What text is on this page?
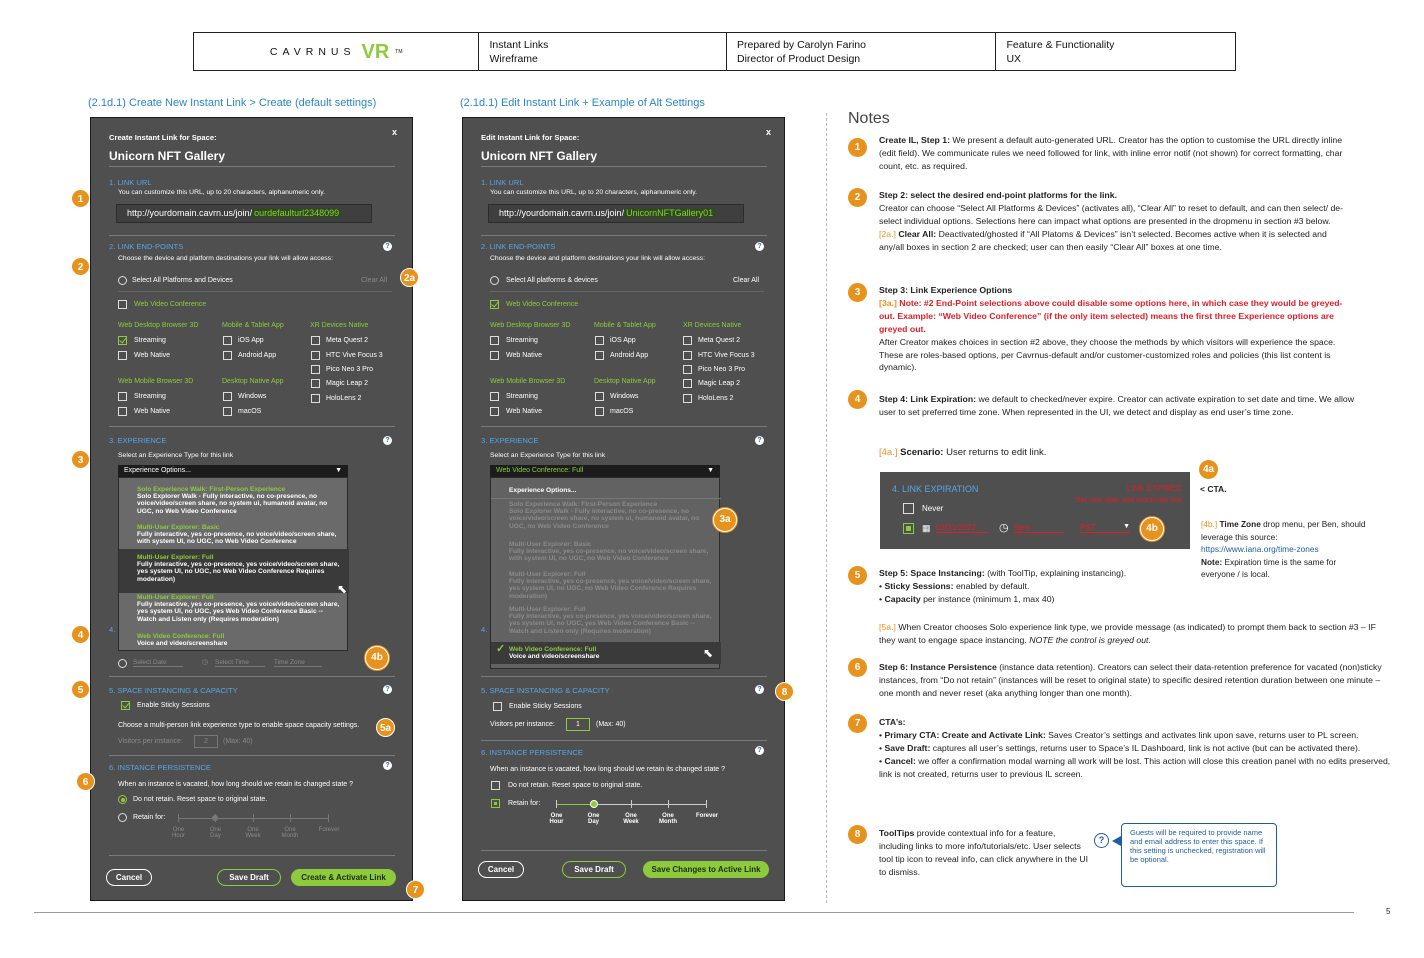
CAVRNUS VR TM
Instant Links
Wireframe
Prepared by Carolyn Farino
Director of Product Design
Feature & Functionality
UX
(2.1d.1) Create New Instant Link > Create (default settings)	(2.1d.1) Edit Instant Link + Example of Alt Settings
x
Create Instant Link for Space:
Unicorn NFT Gallery
1. LINK URL
You can customize this URL, up to 20 characters, alphanumeric only.
http://yourdomain.cavrn.us/join/ ourdefaulturl2348099
2. LINK END-POINTS	?
Choose the device and platform destinations your link will allow access:
Select All Platforms and Devices	Clear All
Web Video Conference
Web Desktop Browser 3D
Streaming
Web Native
Mobile & Tablet App
iOS App
Android App
XR Devices Native
Meta Quest 2
HTC Vive Focus 3
Pico Neo 3 Pro
Magic Leap 2
HoloLens 2
Web Mobile Browser 3D
Streaming
Web Native
Desktop Native App
Windows
macOS
3. EXPERIENCE	?
Select an Experience Type for this link
Experience Options...	▼
Solo Experience Walk: First-Person Experience
Solo Explorer Walk - Fully interactive, no co-presence, no voice/video/screen share, no system ui, humanoid avatar, no UGC, no Web Video Conference
Multi-User Explorer: Basic
Fully interactive, yes co-presence, no voice/video/screen share, with system UI, no UGC, no Web Video Conference
Multi-User Explorer: Full
Fully interactive, yes co-presence, yes voice/video/screen share, yes system UI, no UGC, no Web Video Conference Requires moderation)
Multi-User Explorer: Full
Fully interactive, yes co-presence, yes voice/video/screen share, yes system UI, no UGC, yes Web Video Conference Basic -- Watch and Listen only (Requires moderation)
Web Video Conference: Full
Voice and video/screenshare
⬉
4.
Select Date	◷ Select Time	Time Zone
5. SPACE INSTANCING & CAPACITY	?
Enable Sticky Sessions
Choose a multi-person link experience type to enable space capacity settings.
Visitors per instance:	2	(Max: 40)
6. INSTANCE PERSISTENCE	?
When an instance is vacated, how long should we retain its changed state ?
Do not retain. Reset space to original state.
Retain for:
One
Hour
One
Day
One
Week
One
Month
Forever
Cancel	Save Draft	Create & Activate Link
1
2
2a
3
4
4b
5
5a
6
7
x
Edit Instant Link for Space:
Unicorn NFT Gallery
1. LINK URL
You can customize this URL, up to 20 characters, alphanumeric only.
http://yourdomain.cavrn.us/join/ UnicornNFTGallery01
2. LINK END-POINTS	?
Choose the device and platform destinations your link will allow access:
Select All platforms & devices	Clear All
Web Video Conference
Web Desktop Browser 3D
Streaming
Web Native
Mobile & Tablet App
iOS App
Android App
XR Devices Native
Meta Quest 2
HTC Vive Focus 3
Pico Neo 3 Pro
Magic Leap 2
HoloLens 2
Web Mobile Browser 3D
Streaming
Web Native
Desktop Native App
Windows
macOS
3. EXPERIENCE	?
Select an Experience Type for this link
Web Video Conference: Full	▼
Experience Options...
Solo Experience Walk: First-Person Experience
Solo Explorer Walk - Fully interactive, no co-presence, no voice/video/screen share, no system ui, humanoid avatar, no UGC, no Web Video Conference
Multi-User Explorer: Basic
Fully interactive, yes co-presence, no voice/video/screen share, with system UI, no UGC, no Web Video Conference
Multi-User Explorer: Full
Fully interactive, yes co-presence, yes voice/video/screen share, yes system UI, no UGC, no Web Video Conference Requires moderation)
Multi-User Explorer: Full
Fully interactive, yes co-presence, yes voice/video/screen share, yes system UI, no UGC, yes Web Video Conference Basic -- Watch and Listen only (Requires moderation)
✓ Web Video Conference: Full
Voice and video/screenshare	⬉
4.
5. SPACE INSTANCING & CAPACITY	?
Enable Sticky Sessions
Visitors per instance:	1	(Max: 40)
6. INSTANCE PERSISTENCE	?
When an instance is vacated, how long should we retain its changed state ?
Do not retain. Reset space to original state.
Retain for:
One
Hour
One
Day
One
Week
One
Month
Forever
Cancel	Save Draft	Save Changes to Active Link
3a
8
Notes
1
Create IL, Step 1: We present a default auto-generated URL. Creator has the option to customise the URL directly inline (edit field). We communicate rules we need followed for link, with inline error notif (not shown) for correct formatting, char count, etc. as required.
2	Step 2: select the desired end-point platforms for the link.
Creator can choose “Select All Platforms & Devices” (activates all), “Clear All” to reset to default, and can then select/ de-select individual options. Selections here can impact what options are presented in the dropmenu in section #3 below.
[2a.] Clear All: Deactivated/ghosted if “All Platoms & Devices” isn’t selected. Becomes active when it is selected and any/all boxes in section 2 are checked; user can then easily “Clear All” boxes at one time.
3	Step 3: Link Experience Options
[3a.] Note: #2 End-Point selections above could disable some options here, in which case they would be greyed-out. Example: “Web Video Conference” (if the only item selected) means the first three Experience options are greyed out.
After Creator makes choices in section #2 above, they choose the methods by which visitors will experience the space. These are roles-based options, per Cavrnus-default and/or customer-customized roles and policies (this list content is dynamic).
4	Step 4: Link Expiration: we default to checked/never expire. Creator can activate expiration to set date and time. We allow user to set preferred time zone. When represented in the UI, we detect and display as end user’s time zone.
[4a.] Scenario: User returns to edit link.
4. LINK EXPIRATION	LINK EXPIRED
Set new date and reactivate link
Never
▦ 03/31/2022	◷ 5pm	PST	▼	4b
4a
< CTA.
[4b.] Time Zone drop menu, per Ben, should leverage this source:
https://www.iana.org/time-zones
Note: Expiration time is the same for everyone / is local.
5	Step 5: Space Instancing: (with ToolTip, explaining instancing).
• Sticky Sessions: enabled by default.
• Capacity per instance (minimum 1, max 40)
[5a.] When Creator chooses Solo experience link type, we provide message (as indicated) to prompt them back to section #3 – IF they want to engage space instancing. NOTE the control is greyed out.
6	Step 6: Instance Persistence (instance data retention). Creators can select their data-retention preference for vacated (non)sticky instances, from “Do not retain” (instances will be reset to original state) to specific desired retention duration between one minute – one month and never reset (aka anything longer than one month).
7	CTA’s:
• Primary CTA: Create and Activate Link: Saves Creator’s settings and activates link upon save, returns user to PL screen.
• Save Draft: captures all user’s settings, returns user to Space’s IL Dashboard, link is not active (but can be activated there).
• Cancel: we offer a confirmation modal warning all work will be lost. This action will close this creation panel with no edits preserved, link is not created, returns user to previous IL screen.
8	ToolTips provide contextual info for a feature, including links to more info/tutorials/etc. User selects tool tip icon to reveal info, can click anywhere in the UI to dismiss.
?
Guests will be required to provide name and email address to enter this space. If this setting is unchecked, registration will be optional.
5
